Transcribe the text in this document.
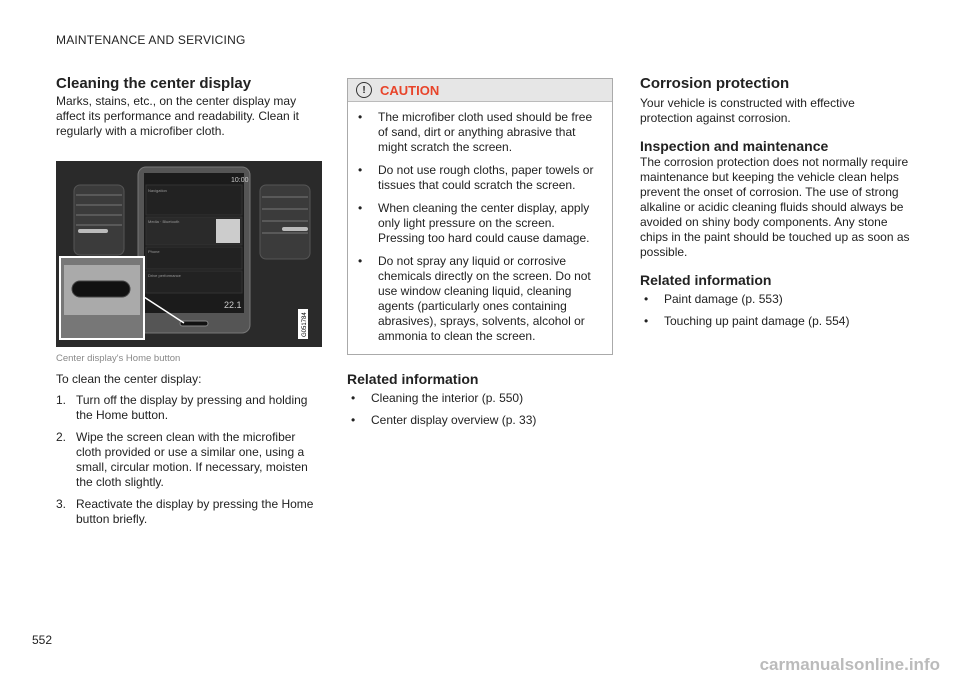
MAINTENANCE AND SERVICING
Cleaning the center display

Marks, stains, etc., on the center display may affect its performance and readability. Clean it regularly with a microfiber cloth.

10:00
Navigation
Media · Bluetooth
Phone
Drive performance
22.1
G051784
Center display's Home button

To clean the center display:

1. Turn off the display by pressing and holding the Home button.
2. Wipe the screen clean with the microfiber cloth provided or use a similar one, using a small, circular motion. If necessary, moisten the cloth slightly.
3. Reactivate the display by pressing the Home button briefly.
!	CAUTION
• The microfiber cloth used should be free of sand, dirt or anything abrasive that might scratch the screen.
• Do not use rough cloths, paper towels or tissues that could scratch the screen.
• When cleaning the center display, apply only light pressure on the screen. Pressing too hard could cause damage.
• Do not spray any liquid or corrosive chemicals directly on the screen. Do not use window cleaning liquid, cleaning agents (particularly ones containing abrasives), sprays, solvents, alcohol or ammonia to clean the screen.
Related information
• Cleaning the interior (p. 550)
• Center display overview (p. 33)
Corrosion protection

Your vehicle is constructed with effective protection against corrosion.

Inspection and maintenance

The corrosion protection does not normally require maintenance but keeping the vehicle clean helps prevent the onset of corrosion. The use of strong alkaline or acidic cleaning fluids should always be avoided on shiny body components. Any stone chips in the paint should be touched up as soon as possible.

Related information
• Paint damage (p. 553)
• Touching up paint damage (p. 554)
552
carmanualsonline.info
